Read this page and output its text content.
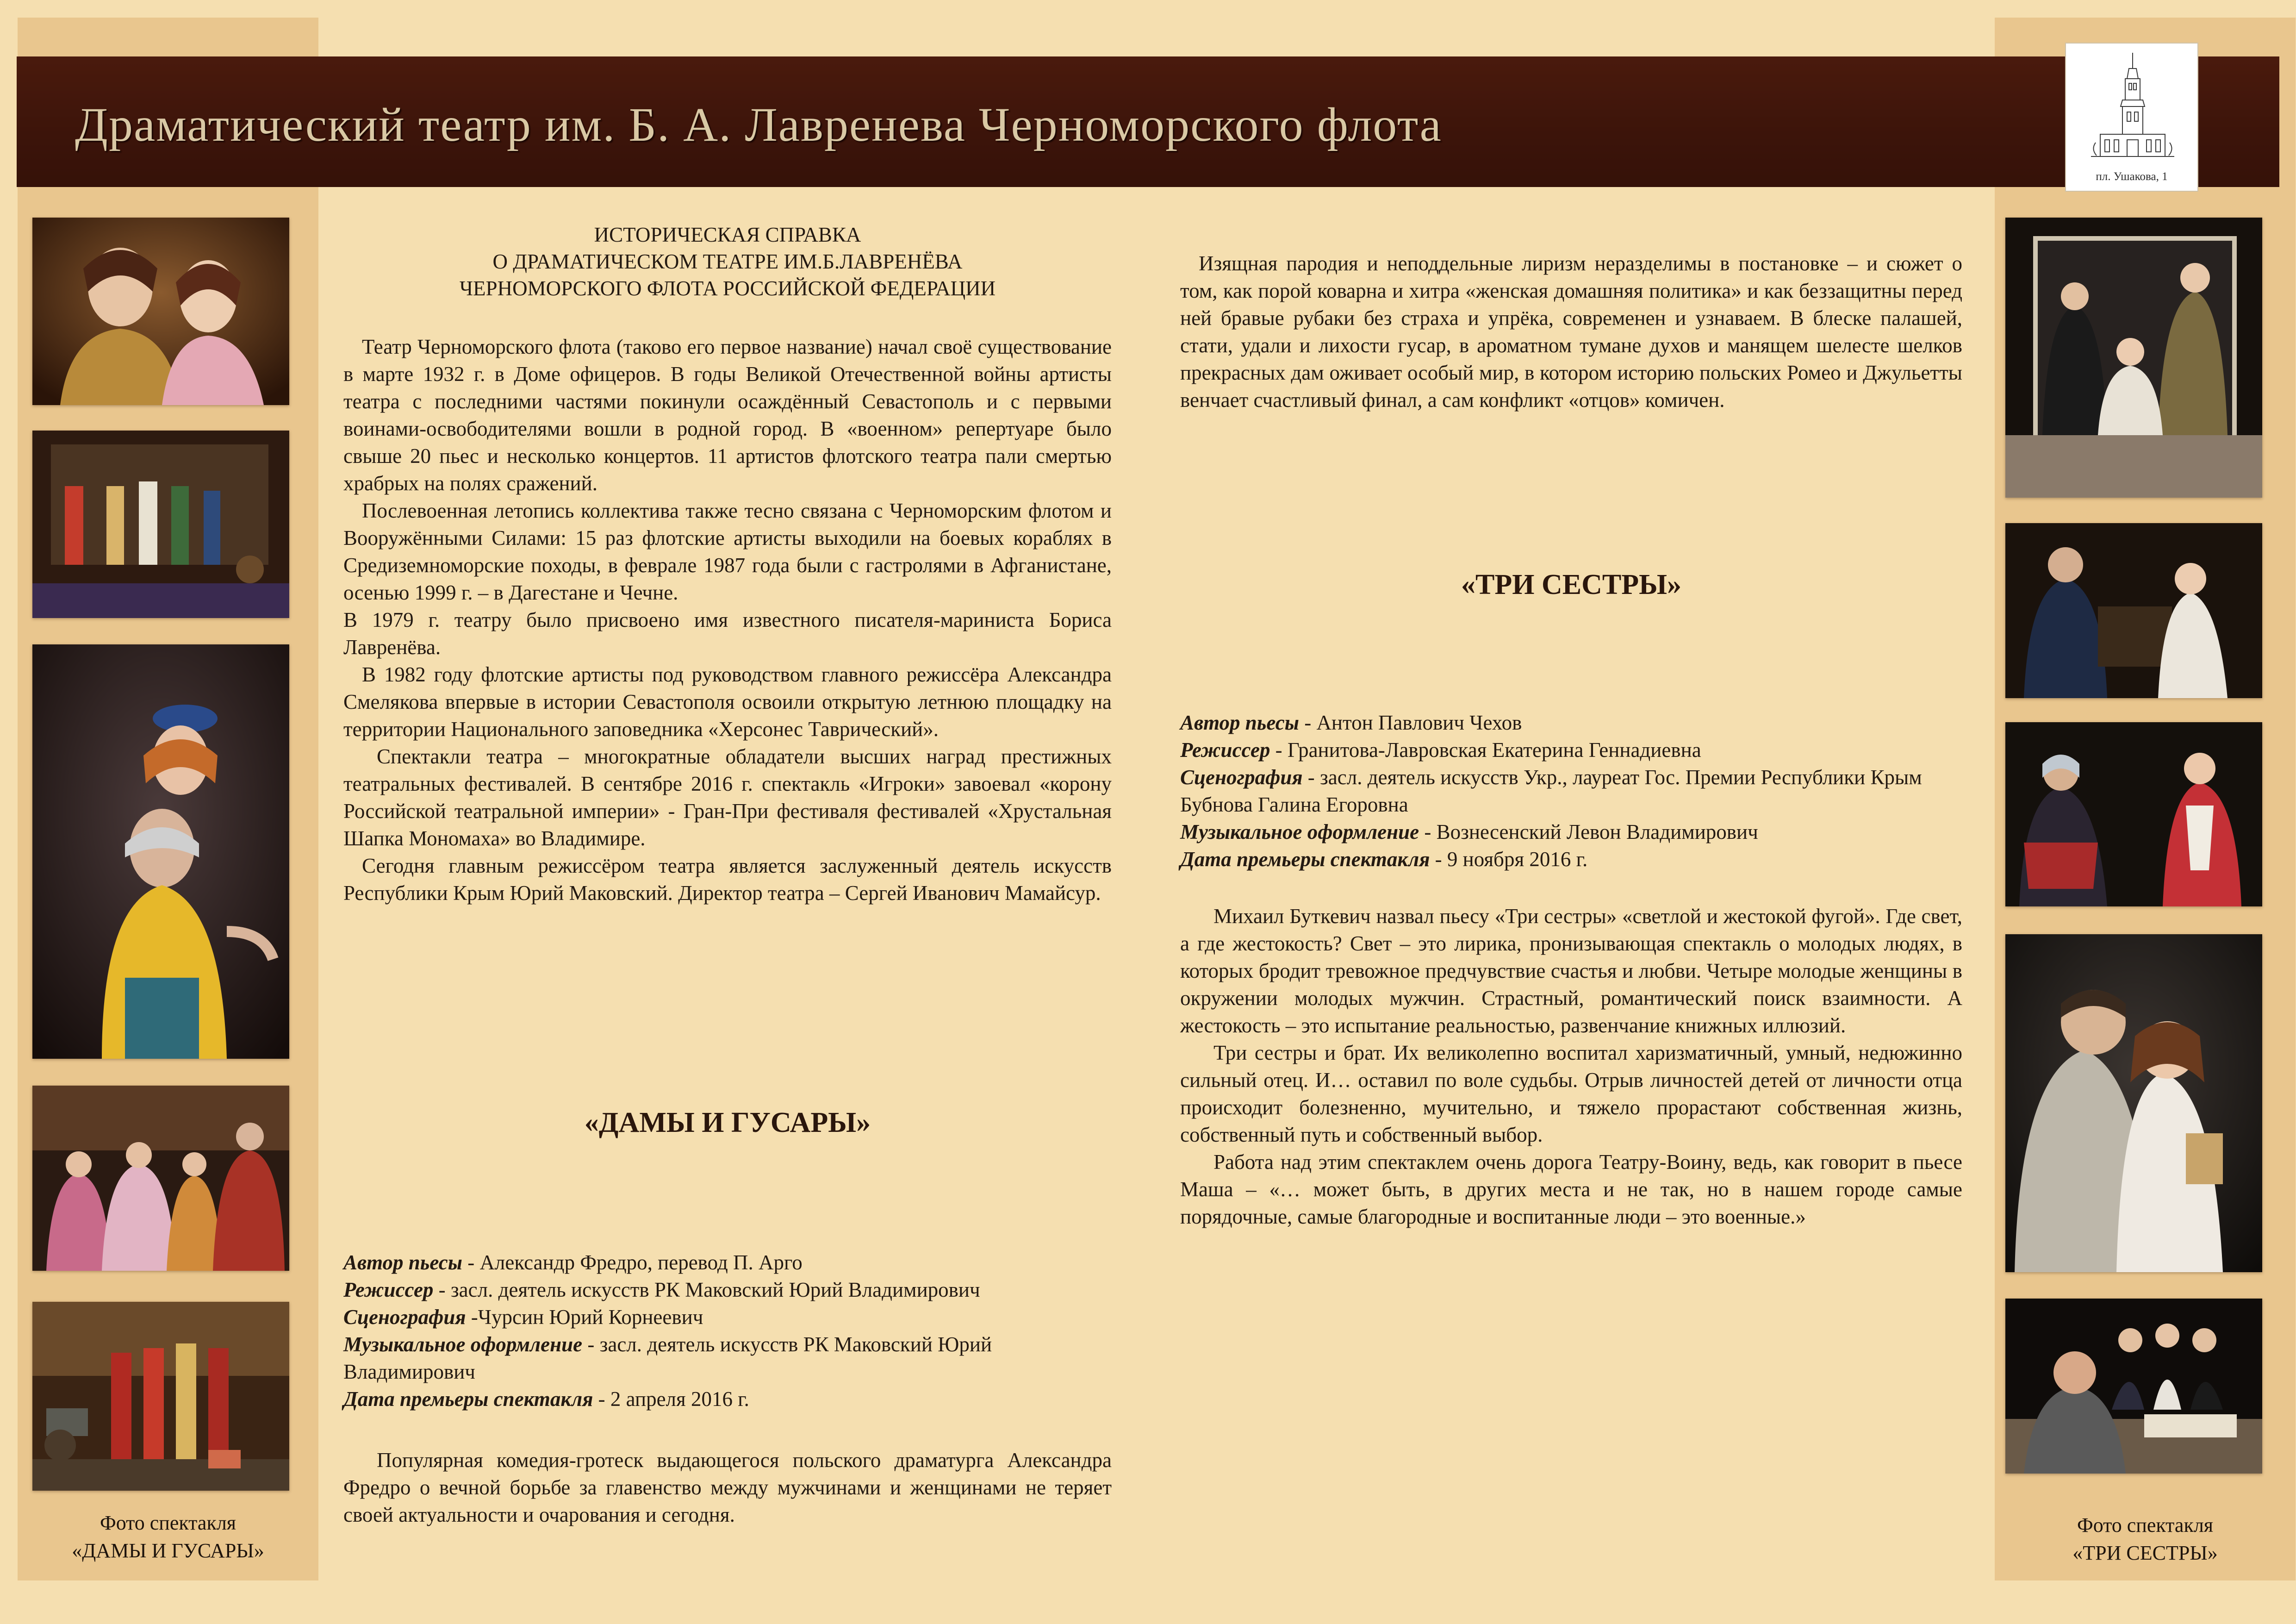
Драматический театр им. Б. А. Лавренева Черноморского флота
пл. Ушакова, 1
Фото спектакля
«ДАМЫ И ГУСАРЫ»
Фото спектакля
«ТРИ СЕСТРЫ»
ИСТОРИЧЕСКАЯ СПРАВКА
О ДРАМАТИЧЕСКОМ ТЕАТРЕ ИМ.Б.ЛАВРЕНЁВА
ЧЕРНОМОРСКОГО ФЛОТА РОССИЙСКОЙ ФЕДЕРАЦИИ

Театр Черноморского флота (таково его первое название) начал своё существование в марте 1932 г. в Доме офицеров. В годы Великой Отечественной войны артисты театра с последними частями покинули осаждённый Севастополь и с первыми воинами-освободителями вошли в родной город. В «военном» репертуаре было свыше 20 пьес и несколько концертов. 11 артистов флотского театра пали смертью храбрых на полях сражений.

Послевоенная летопись коллектива также тесно связана с Черноморским флотом и Вооружёнными Силами: 15 раз флотские артисты выходили на боевых кораблях в Средиземноморские походы, в феврале 1987 года были с гастролями в Афганистане, осенью 1999 г. – в Дагестане и Чечне.

В 1979 г. театру было присвоено имя известного писателя-мариниста Бориса Лавренёва.

В 1982 году флотские артисты под руководством главного режиссёра Александра Смелякова впервые в истории Севастополя освоили открытую летнюю площадку на территории Национального заповедника «Херсонес Таврический».

Спектакли театра – многократные обладатели высших наград престижных театральных фестивалей. В сентябре 2016 г. спектакль «Игроки» завоевал «корону Российской театральной империи» - Гран-При фестиваля фестивалей «Хрустальная Шапка Мономаха» во Владимире.

Сегодня главным режиссёром театра является заслуженный деятель искусств Республики Крым Юрий Маковский. Директор театра – Сергей Иванович Мамайсур.

«ДАМЫ И ГУСАРЫ»

Автор пьесы - Александр Фредро, перевод П. Арго

Режиссер - засл. деятель искусств РК Маковский Юрий Владимирович

Сценография -Чурсин Юрий Корнеевич

Музыкальное оформление - засл. деятель искусств РК Маковский Юрий Владимирович

Дата премьеры спектакля - 2 апреля 2016 г.

Популярная комедия-гротеск выдающегося польского драматурга Александра Фредро о вечной борьбе за главенство между мужчинами и женщинами не теряет своей актуальности и очарования и сегодня.

Изящная пародия и неподдельные лиризм неразделимы в постановке – и сюжет о том, как порой коварна и хитра «женская домашняя политика» и как беззащитны перед ней бравые рубаки без страха и упрёка, современен и узнаваем. В блеске палашей, стати, удали и лихости гусар, в ароматном тумане духов и манящем шелесте шелков прекрасных дам оживает особый мир, в котором историю польских Ромео и Джульетты венчает счастливый финал, а сам конфликт «отцов» комичен.

«ТРИ СЕСТРЫ»

Автор пьесы - Антон Павлович Чехов

Режиссер - Гранитова-Лавровская Екатерина Геннадиевна

Сценография - засл. деятель искусств Укр., лауреат Гос. Премии Республики Крым Бубнова Галина Егоровна

Музыкальное оформление - Вознесенский Левон Владимирович

Дата премьеры спектакля - 9 ноября 2016 г.

Михаил Буткевич назвал пьесу «Три сестры» «светлой и жестокой фугой». Где свет, а где жестокость? Свет – это лирика, пронизывающая спектакль о молодых людях, в которых бродит тревожное предчувствие счастья и любви. Четыре молодые женщины в окружении молодых мужчин. Страстный, романтический поиск взаимности. А жестокость – это испытание реальностью, развенчание книжных иллюзий.

Три сестры и брат. Их великолепно воспитал харизматичный, умный, недюжинно сильный отец. И… оставил по воле судьбы. Отрыв личностей детей от личности отца происходит болезненно, мучительно, и тяжело прорастают собственная жизнь, собственный путь и собственный выбор.

Работа над этим спектаклем очень дорога Театру-Воину, ведь, как говорит в пьесе Маша – «… может быть, в других места и не так, но в нашем городе самые порядочные, самые благородные и воспитанные люди – это военные.»
